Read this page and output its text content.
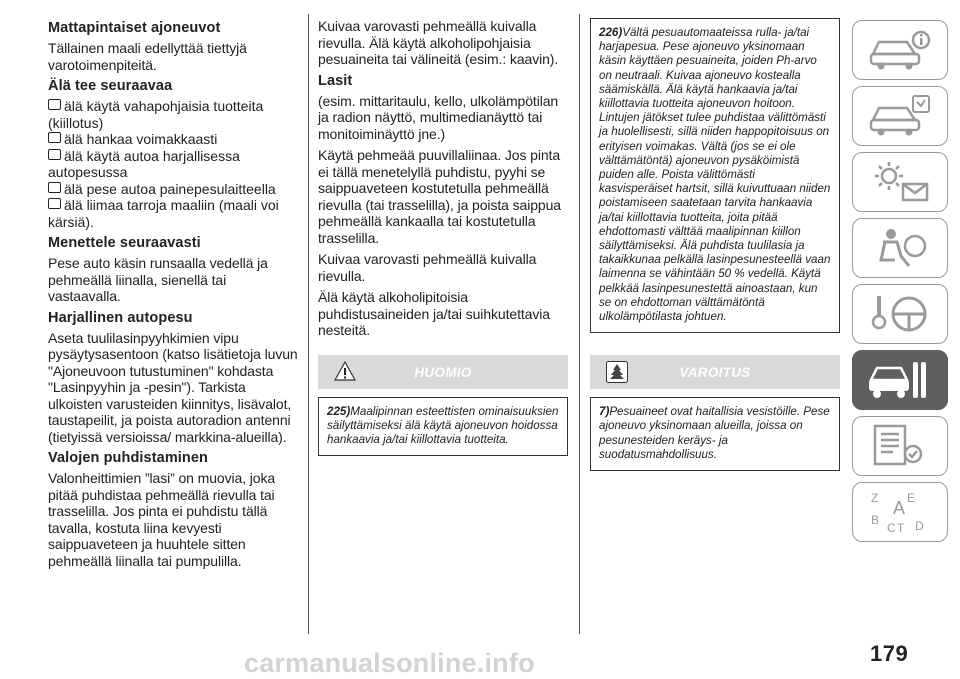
Mattapintaiset ajoneuvot

Tällainen maali edellyttää tiettyjä varotoimenpiteitä.

Älä tee seuraavaa
älä käytä vahapohjaisia tuotteita
(kiillotus)
älä hankaa voimakkaasti
älä käytä autoa harjallisessa
autopesussa
älä pese autoa painepesulaitteella
älä liimaa tarroja maaliin (maali voi
kärsiä).
Menettele seuraavasti

Pese auto käsin runsaalla vedellä ja pehmeällä liinalla, sienellä tai vastaavalla.

Harjallinen autopesu

Aseta tuulilasinpyyhkimien vipu pysäytysasentoon (katso lisätietoja luvun "Ajoneuvoon tutustuminen" kohdasta "Lasinpyyhin ja -pesin"). Tarkista ulkoisten varusteiden kiinnitys, lisävalot, taustapeilit, ja poista autoradion antenni (tietyissä versioissa/ markkina-alueilla).

Valojen puhdistaminen

Valonheittimien ”lasi” on muovia, joka pitää puhdistaa pehmeällä rievulla tai trasselilla. Jos pinta ei puhdistu tällä tavalla, kostuta liina kevyesti saippuaveteen ja huuhtele sitten pehmeällä liinalla tai pumpulilla.

Kuivaa varovasti pehmeällä kuivalla rievulla. Älä käytä alkoholipohjaisia pesuaineita tai välineitä (esim.: kaavin).

Lasit

(esim. mittaritaulu, kello, ulkolämpötilan ja radion näyttö, multimedianäyttö tai monitoiminäyttö jne.)

Käytä pehmeää puuvillaliinaa. Jos pinta ei tällä menetelyllä puhdistu, pyyhi se saippuaveteen kostutetulla pehmeällä rievulla (tai trasselilla), ja poista saippua pehmeällä kankaalla tai kostutetulla trasselilla.

Kuivaa varovasti pehmeällä kuivalla rievulla.

Älä käytä alkoholipitoisia puhdistusaineiden ja/tai suihkutettavia nesteitä.

HUOMIO
225)Maalipinnan esteettisten ominaisuuksien säilyttämiseksi älä käytä ajoneuvon hoidossa hankaavia ja/tai kiillottavia tuotteita.
226)Vältä pesuautomaateissa rulla- ja/tai harjapesua. Pese ajoneuvo yksinomaan käsin käyttäen pesuaineita, joiden Ph-arvo on neutraali. Kuivaa ajoneuvo kostealla säämiskällä. Älä käytä hankaavia ja/tai kiillottavia tuotteita ajoneuvon hoitoon. Lintujen jätökset tulee puhdistaa välittömästi ja huolellisesti, sillä niiden happopitoisuus on erityisen voimakas. Vältä (jos se ei ole välttämätöntä) ajoneuvon pysäköimistä puiden alle. Poista välittömästi kasvisperäiset hartsit, sillä kuivuttuaan niiden poistamiseen saatetaan tarvita hankaavia ja/tai kiillottavia tuotteita, joita pitää ehdottomasti välttää maalipinnan kiillon säilyttämiseksi. Älä puhdista tuulilasia ja takaikkunaa pelkällä lasinpesunesteellä vaan laimenna se vähintään 50 % vedellä. Käytä pelkkää lasinpesunestettä ainoastaan, kun se on ehdottoman välttämätöntä ulkolämpötilasta johtuen.
VAROITUS
7)Pesuaineet ovat haitallisia vesistöille. Pese ajoneuvo yksinomaan alueilla, joissa on pesunesteiden keräys- ja suodatusmahdollisuus.
Z E
B
A
C T D
179
carmanualsonline.info
